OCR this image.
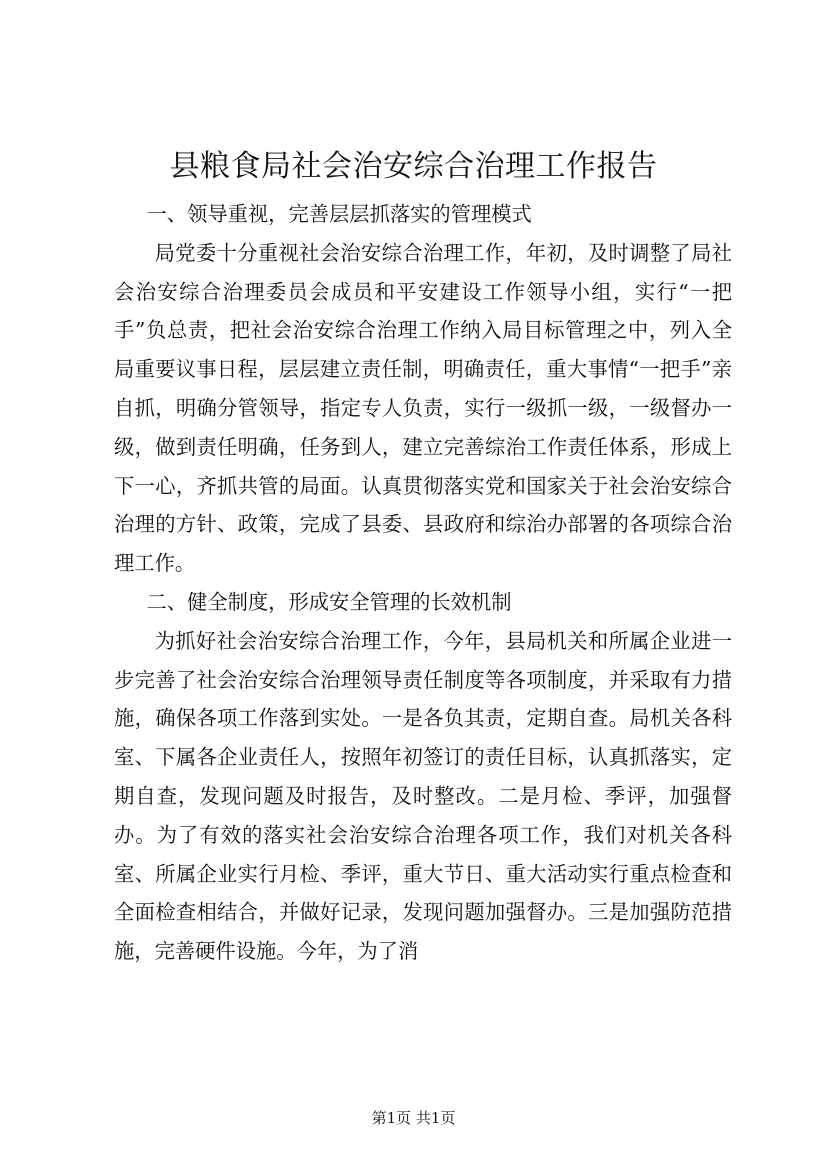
县粮食局社会治安综合治理工作报告

一、领导重视，完善层层抓落实的管理模式

局党委十分重视社会治安综合治理工作，年初，及时调整了局社会治安综合治理委员会成员和平安建设工作领导小组，实行“一把手”负总责，把社会治安综合治理工作纳入局目标管理之中，列入全局重要议事日程，层层建立责任制，明确责任，重大事情“一把手”亲自抓，明确分管领导，指定专人负责，实行一级抓一级，一级督办一级，做到责任明确，任务到人，建立完善综治工作责任体系，形成上下一心，齐抓共管的局面。认真贯彻落实党和国家关于社会治安综合治理的方针、政策，完成了县委、县政府和综治办部署的各项综合治理工作。

二、健全制度，形成安全管理的长效机制

为抓好社会治安综合治理工作，今年，县局机关和所属企业进一步完善了社会治安综合治理领导责任制度等各项制度，并采取有力措施，确保各项工作落到实处。一是各负其责，定期自查。局机关各科室、下属各企业责任人，按照年初签订的责任目标，认真抓落实，定期自查，发现问题及时报告，及时整改。二是月检、季评，加强督办。为了有效的落实社会治安综合治理各项工作，我们对机关各科室、所属企业实行月检、季评，重大节日、重大活动实行重点检查和全面检查相结合，并做好记录，发现问题加强督办。三是加强防范措施，完善硬件设施。今年，为了消

第1页 共1页
